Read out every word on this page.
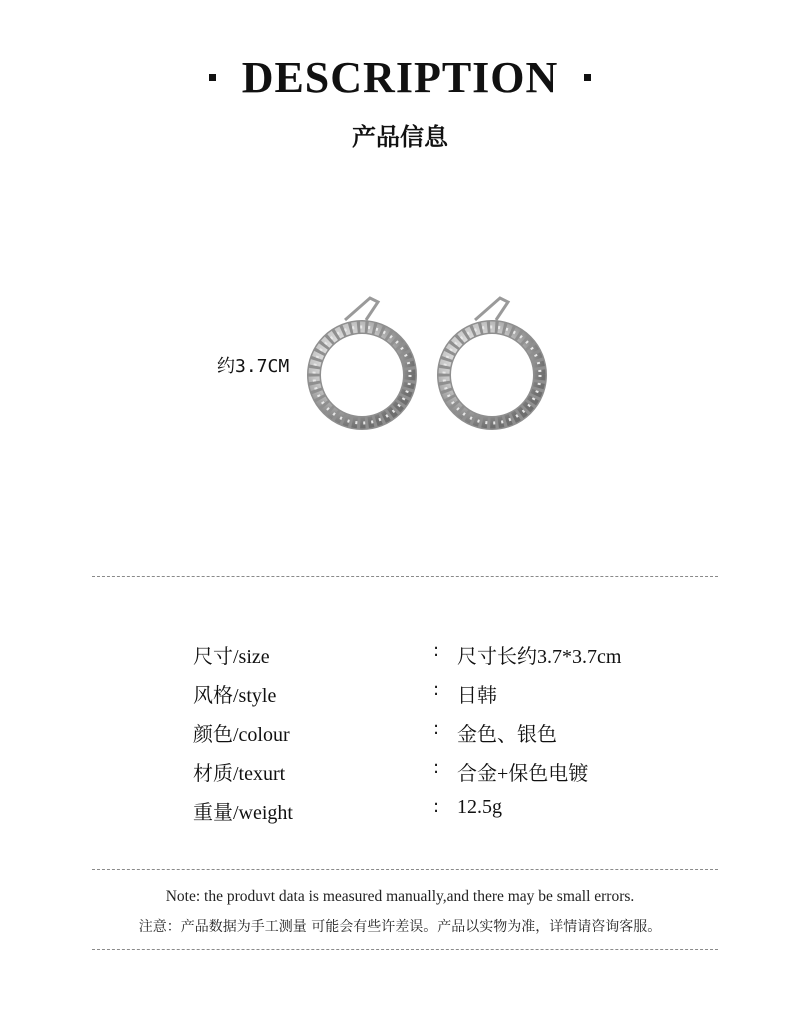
DESCRIPTION
产品信息
约3.7CM
尺寸/size	: 尺寸长约3.7*3.7cm
风格/style	: 日韩
颜色/colour	: 金色、银色
材质/texurt	: 合金+保色电镀
重量/weight	: 12.5g
Note: the produvt data is measured manually,and there may be small errors.
注意：产品数据为手工测量 可能会有些许差误。产品以实物为准，详情请咨询客服。
